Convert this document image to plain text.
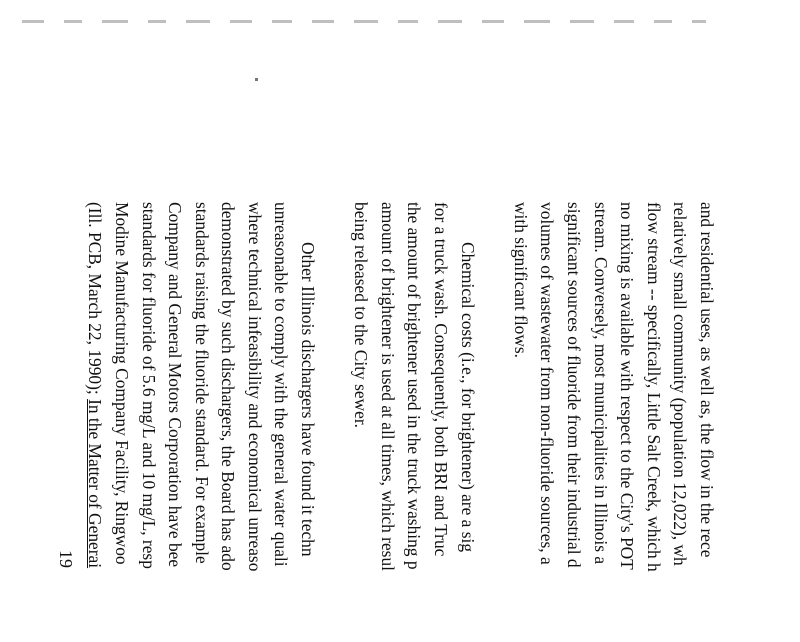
and residential uses, as well as, the flow in the rece
relatively small community (population 12,022), wh
flow stream -- specifically, Little Salt Creek, which h
no mixing is available with respect to the City's POT
stream. Conversely, most municipalities in Illinois a
significant sources of fluoride from their industrial d
volumes of wastewater from non-fluoride sources, a
with significant flows.
Chemical costs (i.e., for brightener) are a sig
for a truck wash. Consequently, both BRI and Truc
the amount of brightener used in the truck washing p
amount of brightener is used at all times, which resul
being released to the City sewer.
Other Illinois dischargers have found it techn
unreasonable to comply with the general water quali
where technical infeasibility and economical unreaso
demonstrated by such dischargers, the Board has ado
standards raising the fluoride standard. For example
Company and General Motors Corporation have bee
standards for fluoride of 5.6 mg/L and 10 mg/L, resp
Modine Manufacturing Company Facility, Ringwoo
(Ill. PCB, March 22, 1990); In the Matter of Generai
19
